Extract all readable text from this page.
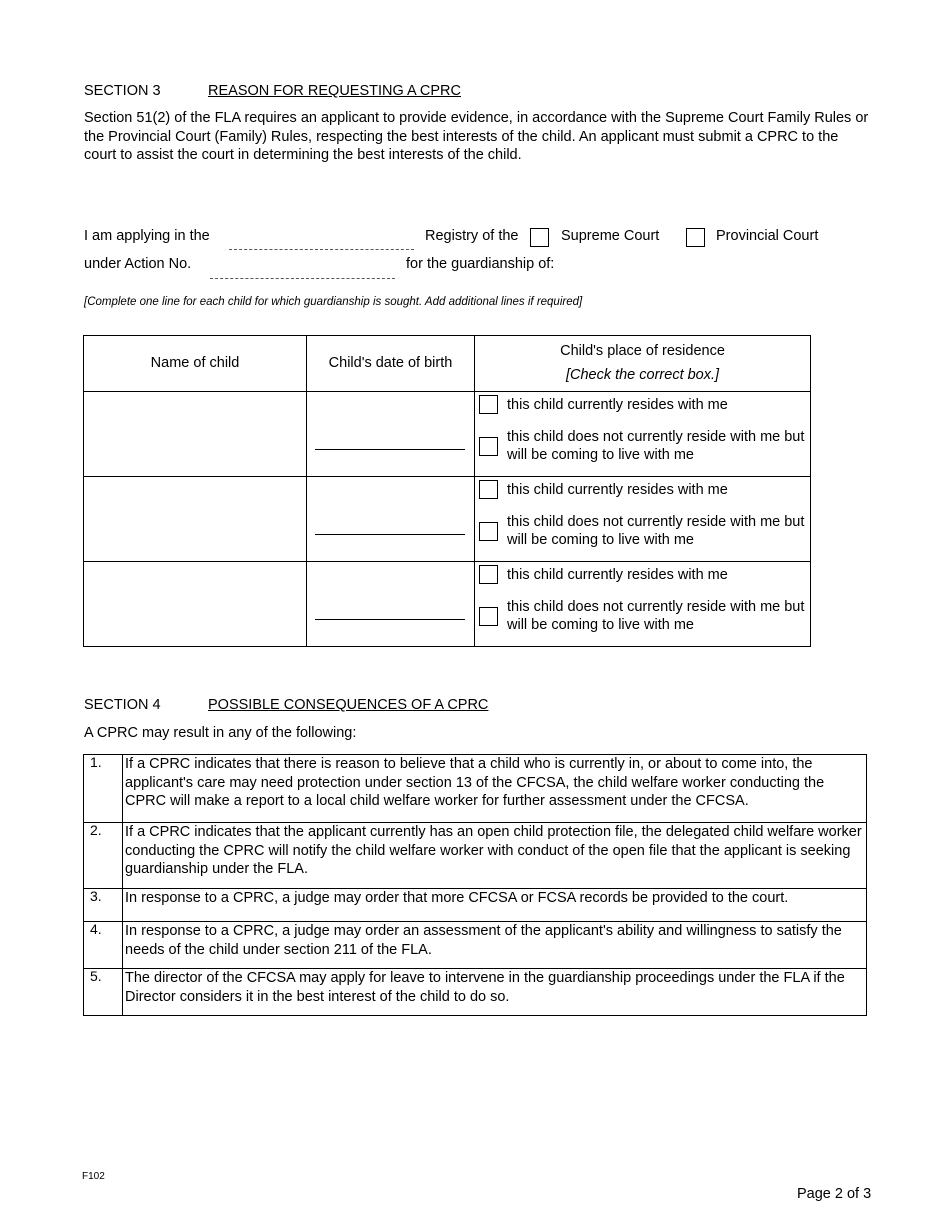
SECTION 3	REASON FOR REQUESTING A CPRC
Section 51(2) of the FLA requires an applicant to provide evidence, in accordance with the Supreme Court Family Rules or the Provincial Court (Family) Rules, respecting the best interests of the child. An applicant must submit a CPRC to the court to assist the court in determining the best interests of the child.
I am applying in the	Registry of the	Supreme Court	Provincial Court
under Action No.	for the guardianship of:
[Complete one line for each child for which guardianship is sought. Add additional lines if required]
Name of child	Child's date of birth	Child's place of residence
[Check the correct box.]

		this child currently resides with me
this child does not currently reside with me but will be coming to live with me

		this child currently resides with me
this child does not currently reside with me but will be coming to live with me

		this child currently resides with me
this child does not currently reside with me but will be coming to live with me
SECTION 4	POSSIBLE CONSEQUENCES OF A CPRC
A CPRC may result in any of the following:
1.	If a CPRC indicates that there is reason to believe that a child who is currently in, or about to come into, the applicant's care may need protection under section 13 of the CFCSA, the child welfare worker conducting the CPRC will make a report to a local child welfare worker for further assessment under the CFCSA.
2.	If a CPRC indicates that the applicant currently has an open child protection file, the delegated child welfare worker conducting the CPRC will notify the child welfare worker with conduct of the open file that the applicant is seeking guardianship under the FLA.
3.	In response to a CPRC, a judge may order that more CFCSA or FCSA records be provided to the court.
4.	In response to a CPRC, a judge may order an assessment of the applicant's ability and willingness to satisfy the needs of the child under section 211 of the FLA.
5.	The director of the CFCSA may apply for leave to intervene in the guardianship proceedings under the FLA if the Director considers it in the best interest of the child to do so.
F102
Page 2 of 3
